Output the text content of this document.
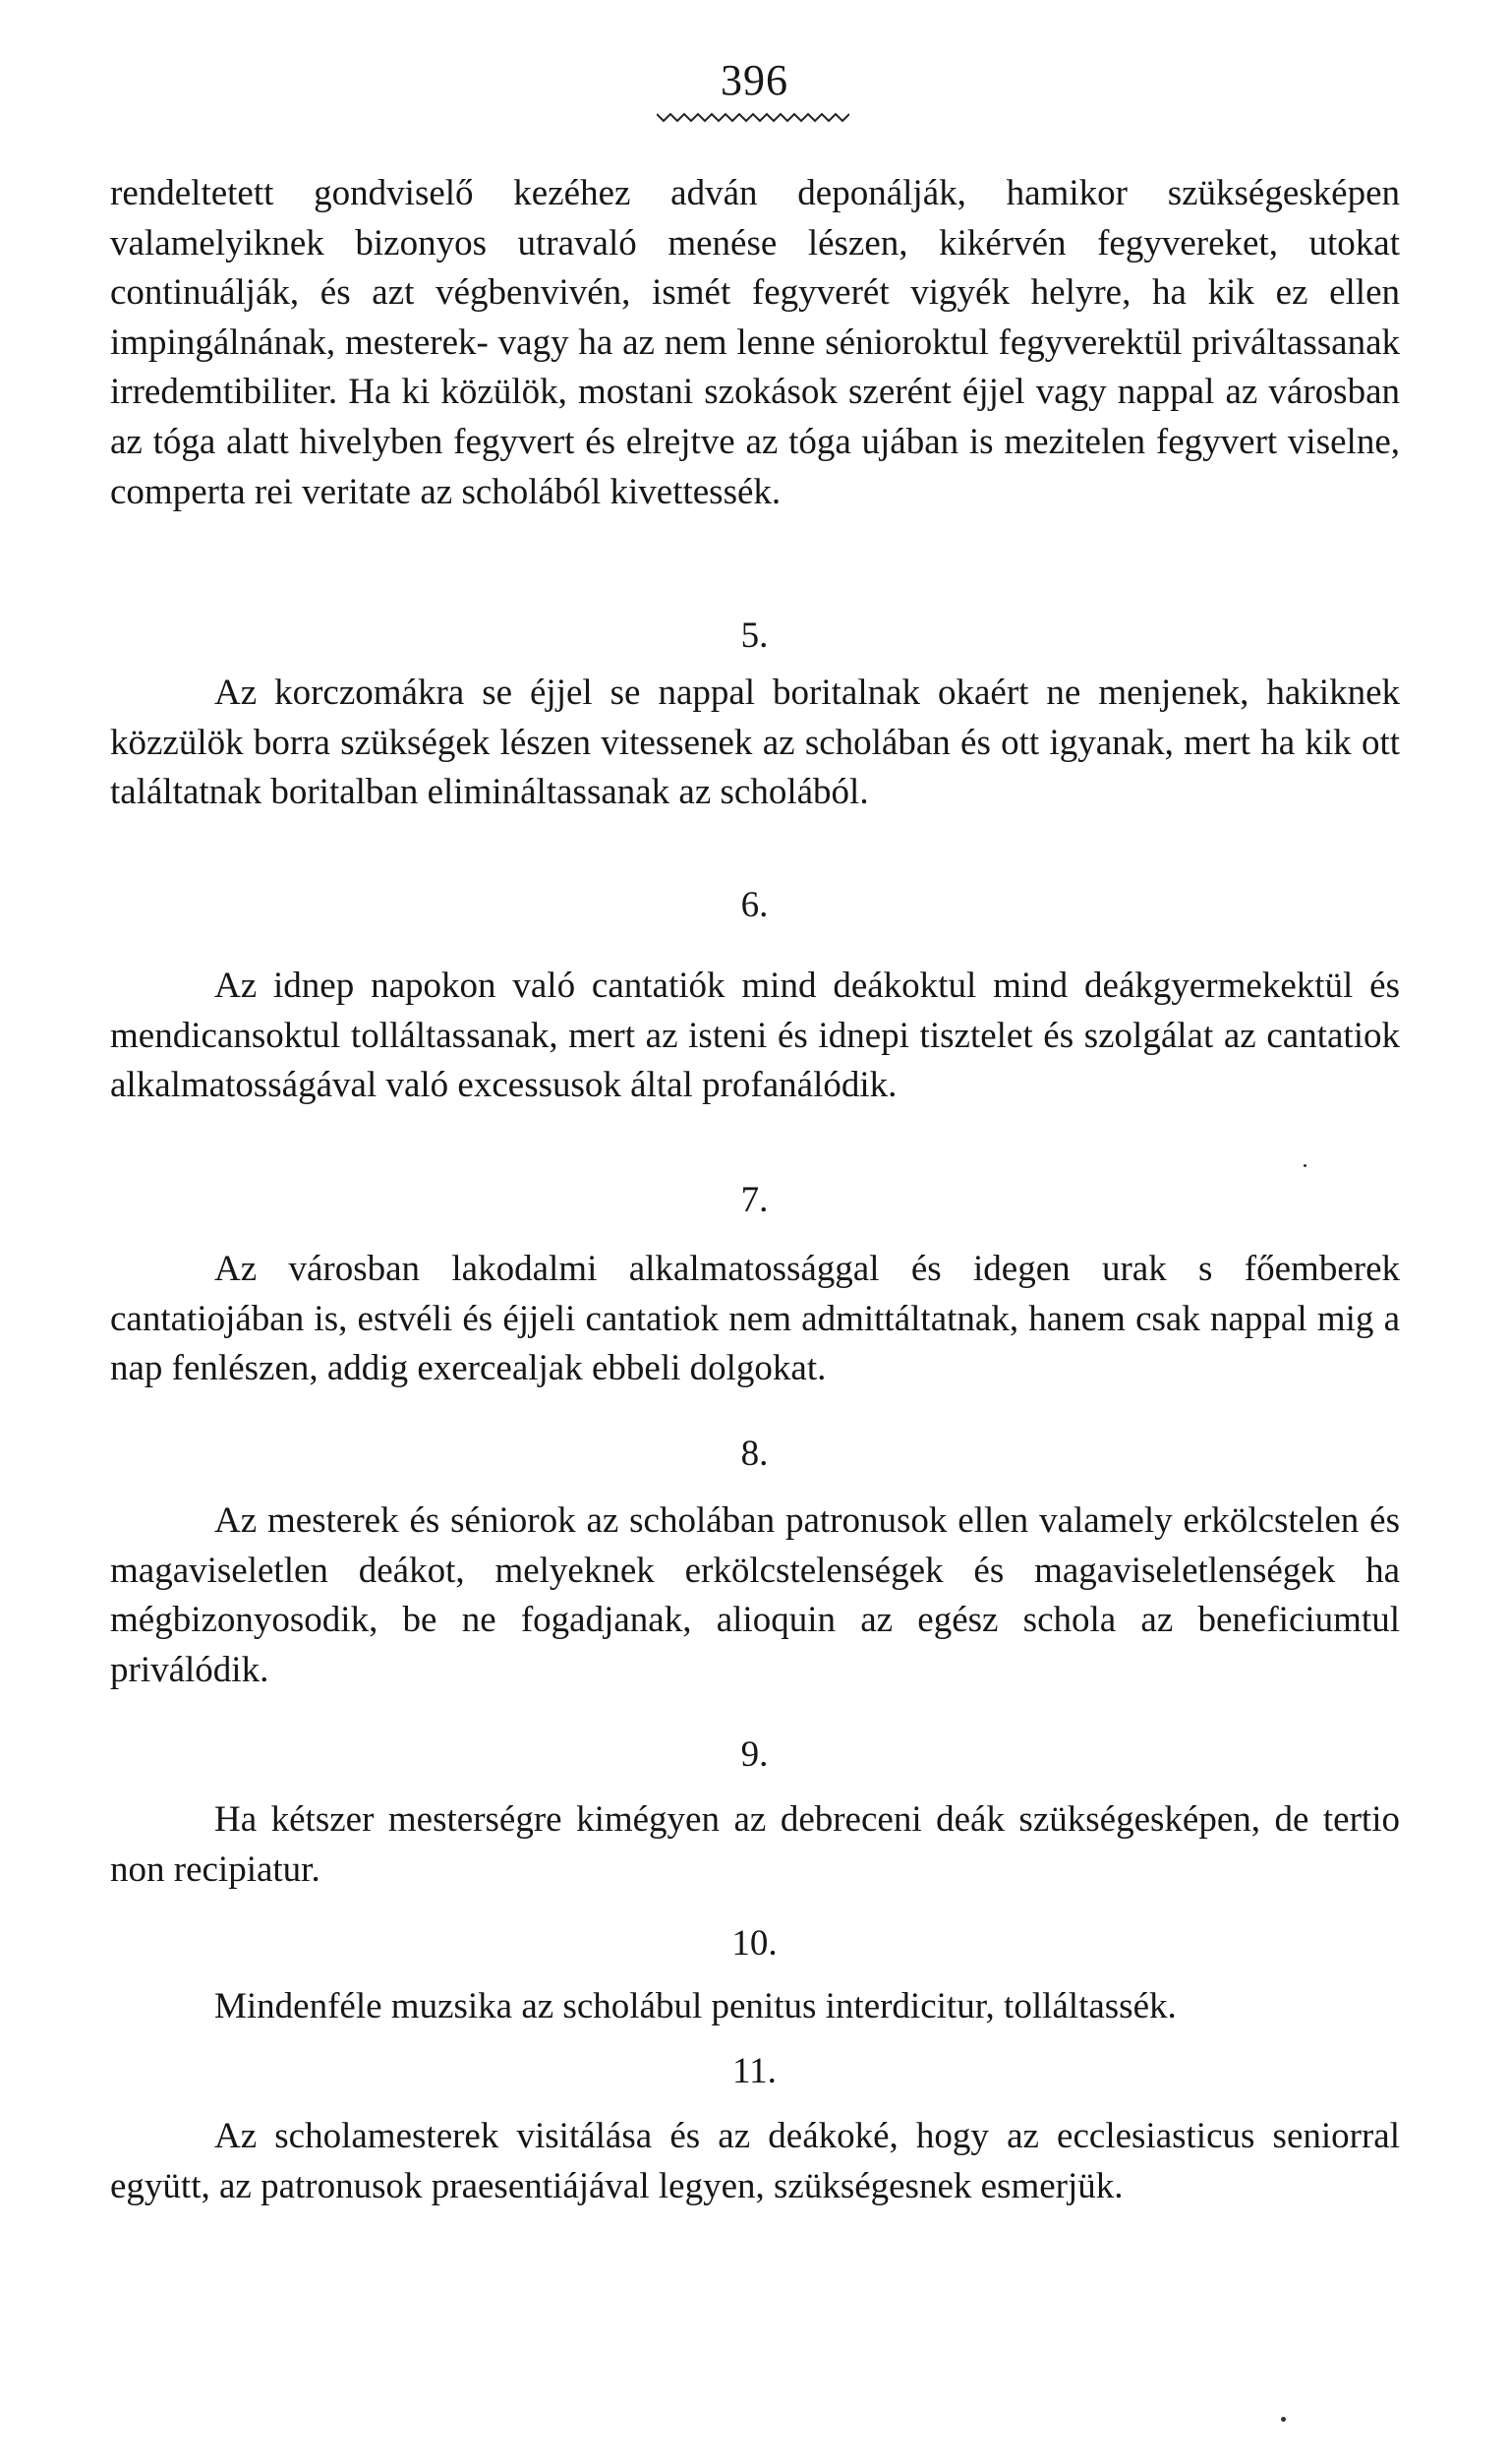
396

rendeltetett gondviselő kezéhez adván deponálják, hamikor szükségesképen valamelyiknek bizonyos utravaló menése lészen, kikérvén fegyvereket, utokat continuálják, és azt végbenvivén, ismét fegyverét vigyék helyre, ha kik ez ellen impingálnának, mesterek- vagy ha az nem lenne sénioroktul fegyverektül priváltassanak irredemtibiliter. Ha ki közülök, mostani szokások szerént éjjel vagy nappal az városban az tóga alatt hivelyben fegyvert és elrejtve az tóga ujában is mezitelen fegyvert viselne, comperta rei veritate az scholából kivettessék.

5.

Az korczomákra se éjjel se nappal boritalnak okaért ne menjenek, hakiknek közzülök borra szükségek lészen vitessenek az scholában és ott igyanak, mert ha kik ott találtatnak boritalban elimináltassanak az scholából.

6.

Az idnep napokon való cantatiók mind deákoktul mind deákgyermekektül és mendicansoktul tolláltassanak, mert az isteni és idnepi tisztelet és szolgálat az cantatiok alkalmatosságával való excessusok által profanálódik.

7.

Az városban lakodalmi alkalmatossággal és idegen urak s főemberek cantatiojában is, estvéli és éjjeli cantatiok nem admittáltatnak, hanem csak nappal mig a nap fenlészen, addig exercealjak ebbeli dolgokat.

8.

Az mesterek és séniorok az scholában patronusok ellen valamely erkölcstelen és magaviseletlen deákot, melyeknek erkölcstelenségek és magaviseletlenségek ha mégbizonyosodik, be ne fogadjanak, alioquin az egész schola az beneficiumtul priválódik.

9.

Ha kétszer mesterségre kimégyen az debreceni deák szükségesképen, de tertio non recipiatur.

10.

Mindenféle muzsika az scholábul penitus interdicitur, tolláltassék.

11.

Az scholamesterek visitálása és az deákoké, hogy az ecclesiasticus seniorral együtt, az patronusok praesentiájával legyen, szükségesnek esmerjük.
